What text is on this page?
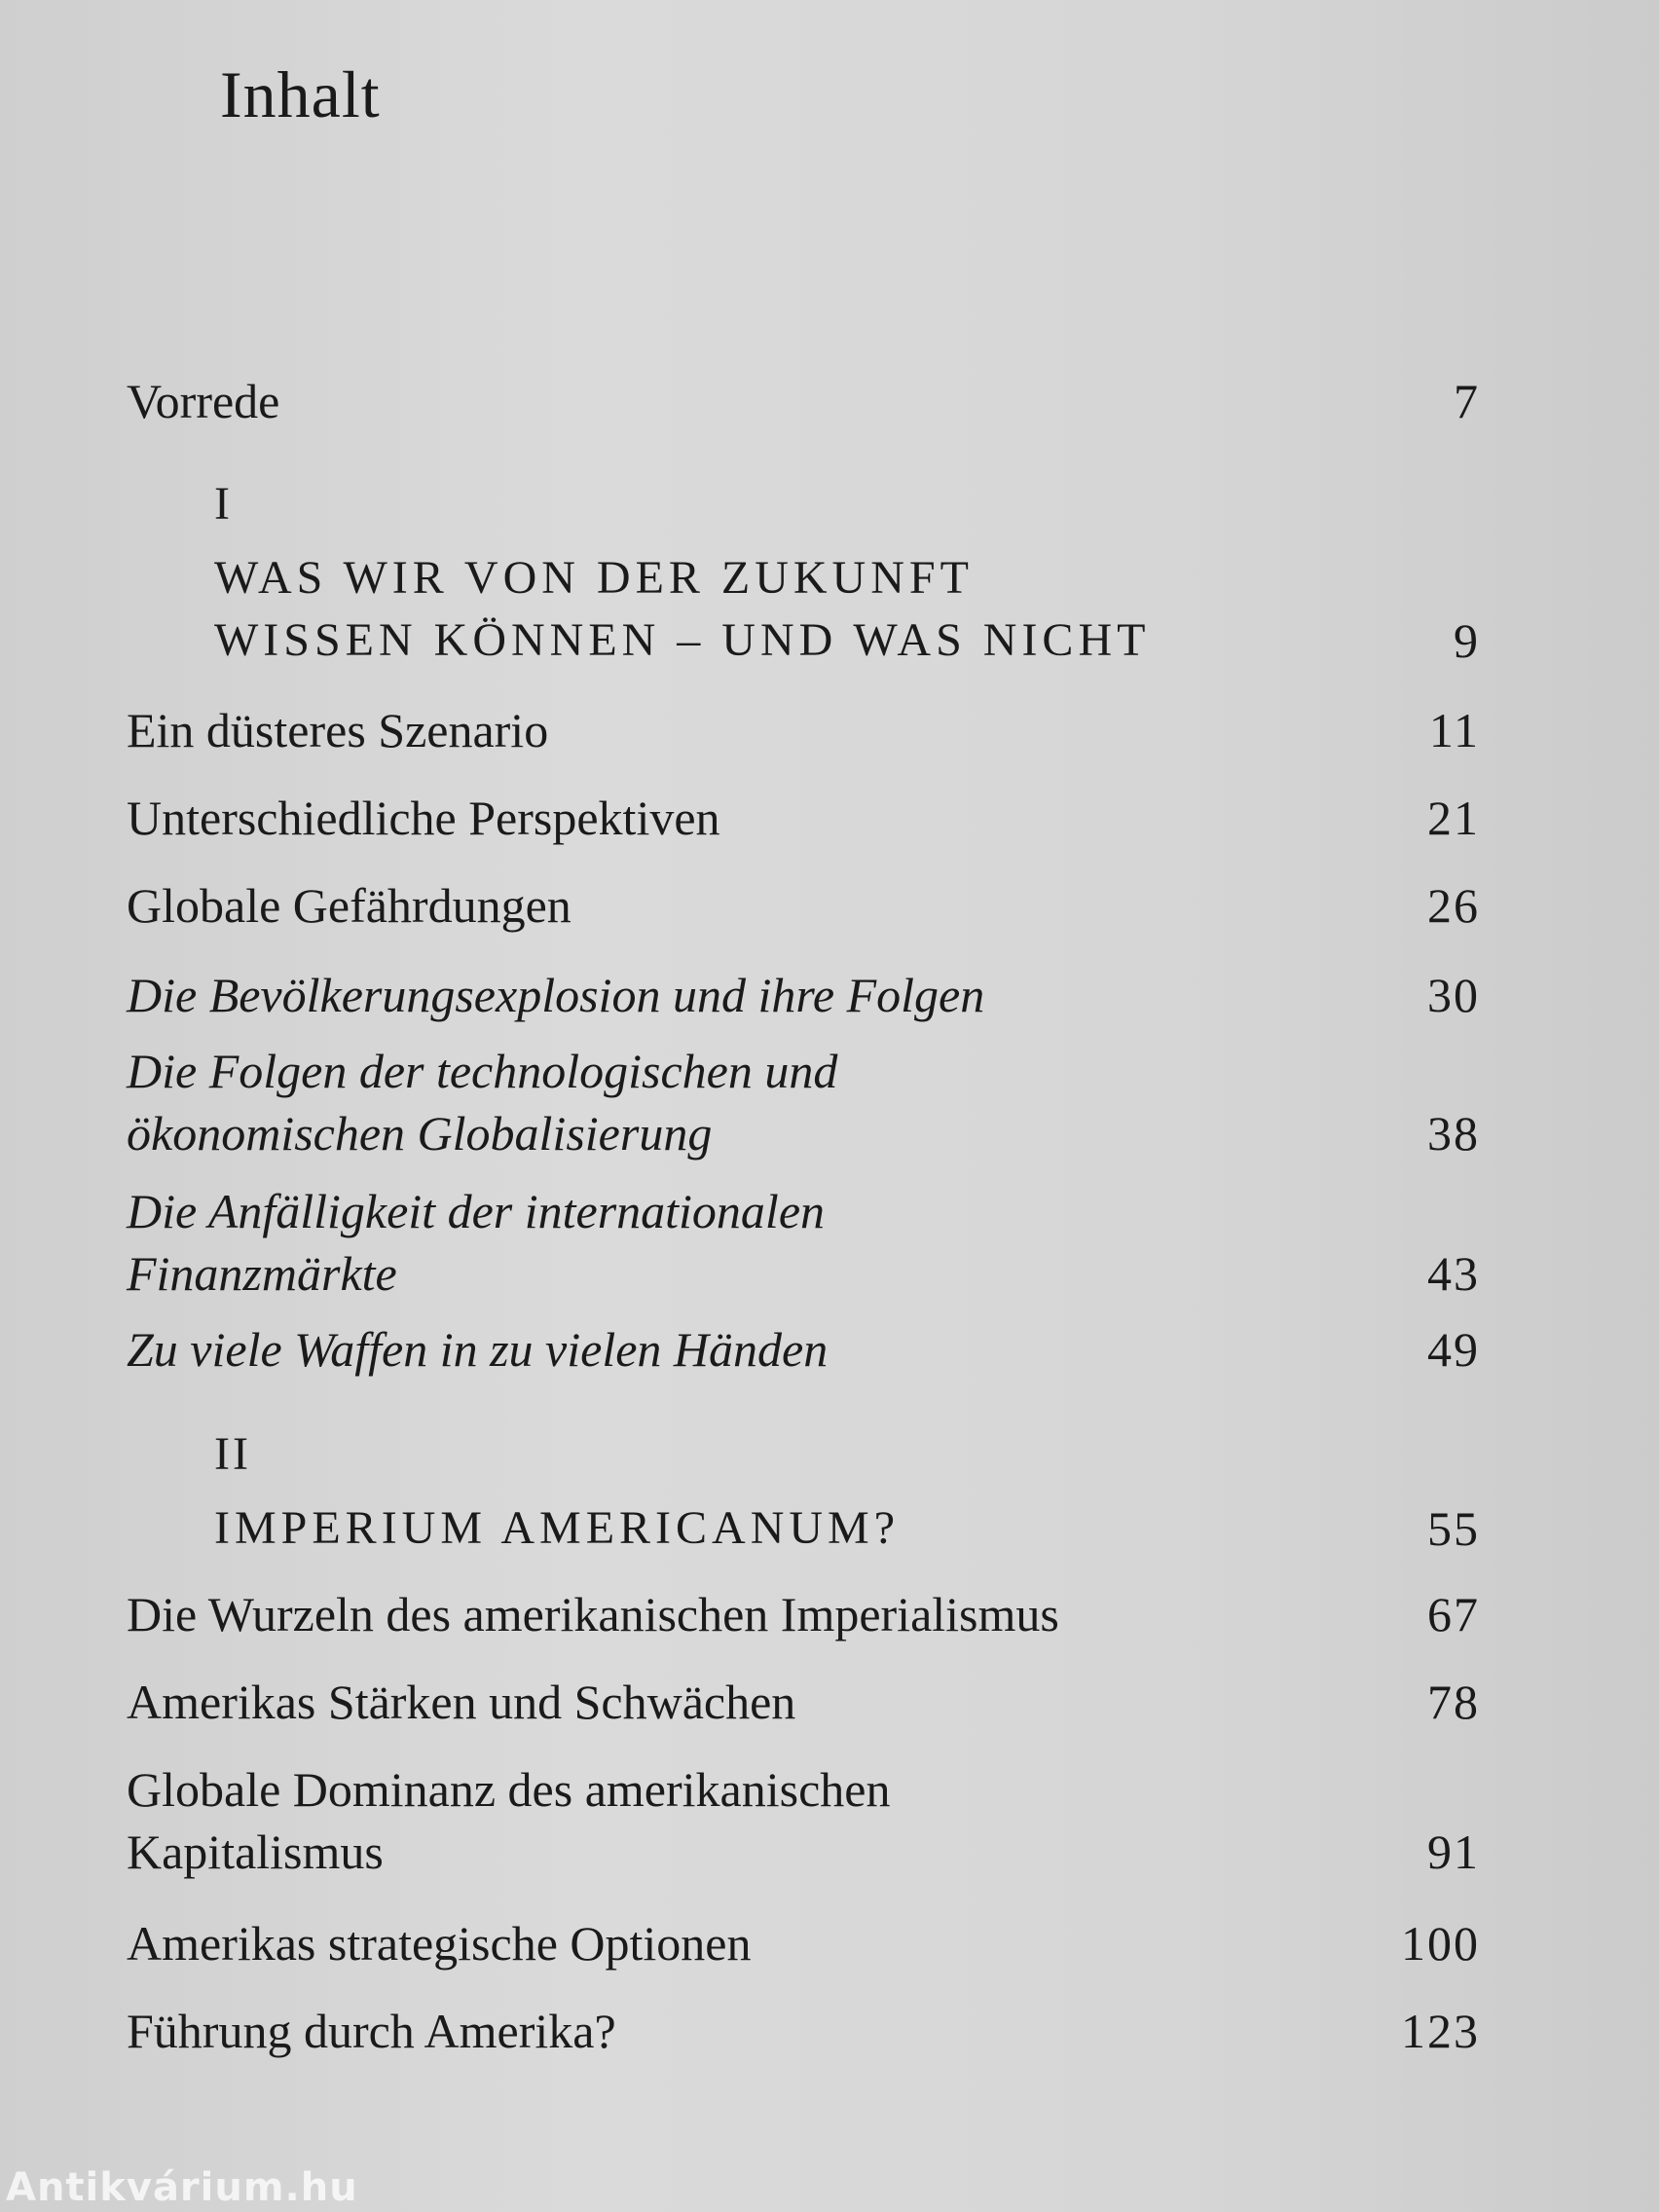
Inhalt
Vorrede	7
I
WAS WIR VON DER ZUKUNFT
WISSEN KÖNNEN – UND WAS NICHT	9
Ein düsteres Szenario	11
Unterschiedliche Perspektiven	21
Globale Gefährdungen	26
Die Bevölkerungsexplosion und ihre Folgen	30
Die Folgen der technologischen und
ökonomischen Globalisierung	38
Die Anfälligkeit der internationalen
Finanzmärkte	43
Zu viele Waffen in zu vielen Händen	49
II
IMPERIUM AMERICANUM?	55
Die Wurzeln des amerikanischen Imperialismus	67
Amerikas Stärken und Schwächen	78
Globale Dominanz des amerikanischen
Kapitalismus	91
Amerikas strategische Optionen	100
Führung durch Amerika?	123
Antikvárium.hu
